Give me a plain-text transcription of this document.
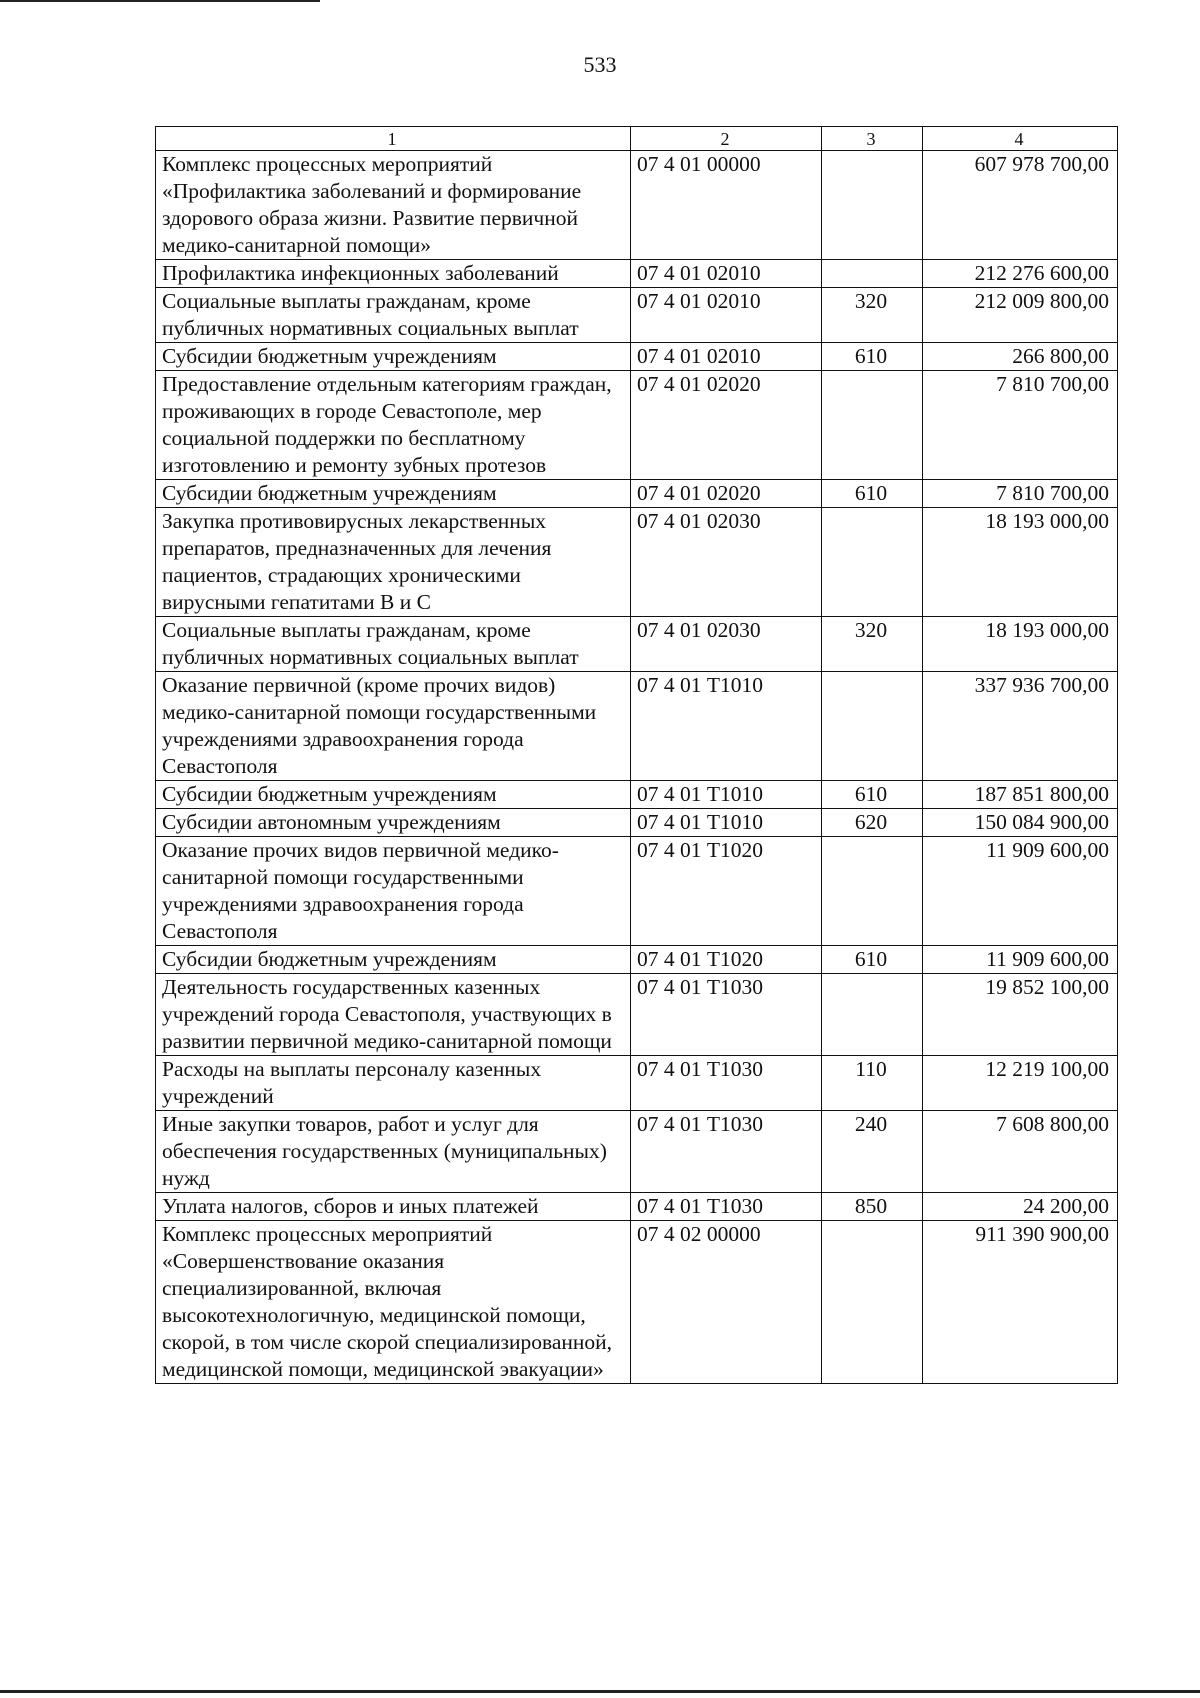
533
1	2	3	4
Комплекс процессных мероприятий «Профилактика заболеваний и формирование здорового образа жизни. Развитие первичной медико-санитарной помощи»	07 4 01 00000		607 978 700,00
Профилактика инфекционных заболеваний	07 4 01 02010		212 276 600,00
Социальные выплаты гражданам, кроме публичных нормативных социальных выплат	07 4 01 02010	320	212 009 800,00
Субсидии бюджетным учреждениям	07 4 01 02010	610	266 800,00
Предоставление отдельным категориям граждан, проживающих в городе Севастополе, мер социальной поддержки по бесплатному изготовлению и ремонту зубных протезов	07 4 01 02020		7 810 700,00
Субсидии бюджетным учреждениям	07 4 01 02020	610	7 810 700,00
Закупка противовирусных лекарственных препаратов, предназначенных для лечения пациентов, страдающих хроническими вирусными гепатитами В и С	07 4 01 02030		18 193 000,00
Социальные выплаты гражданам, кроме публичных нормативных социальных выплат	07 4 01 02030	320	18 193 000,00
Оказание первичной (кроме прочих видов) медико-санитарной помощи государственными учреждениями здравоохранения города Севастополя	07 4 01 Т1010		337 936 700,00
Субсидии бюджетным учреждениям	07 4 01 Т1010	610	187 851 800,00
Субсидии автономным учреждениям	07 4 01 Т1010	620	150 084 900,00
Оказание прочих видов первичной медико-санитарной помощи государственными учреждениями здравоохранения города Севастополя	07 4 01 Т1020		11 909 600,00
Субсидии бюджетным учреждениям	07 4 01 Т1020	610	11 909 600,00
Деятельность государственных казенных учреждений города Севастополя, участвующих в развитии первичной медико-санитарной помощи	07 4 01 Т1030		19 852 100,00
Расходы на выплаты персоналу казенных учреждений	07 4 01 Т1030	110	12 219 100,00
Иные закупки товаров, работ и услуг для обеспечения государственных (муниципальных) нужд	07 4 01 Т1030	240	7 608 800,00
Уплата налогов, сборов и иных платежей	07 4 01 Т1030	850	24 200,00
Комплекс процессных мероприятий «Совершенствование оказания специализированной, включая высокотехнологичную, медицинской помощи, скорой, в том числе скорой специализированной, медицинской помощи, медицинской эвакуации»	07 4 02 00000		911 390 900,00
